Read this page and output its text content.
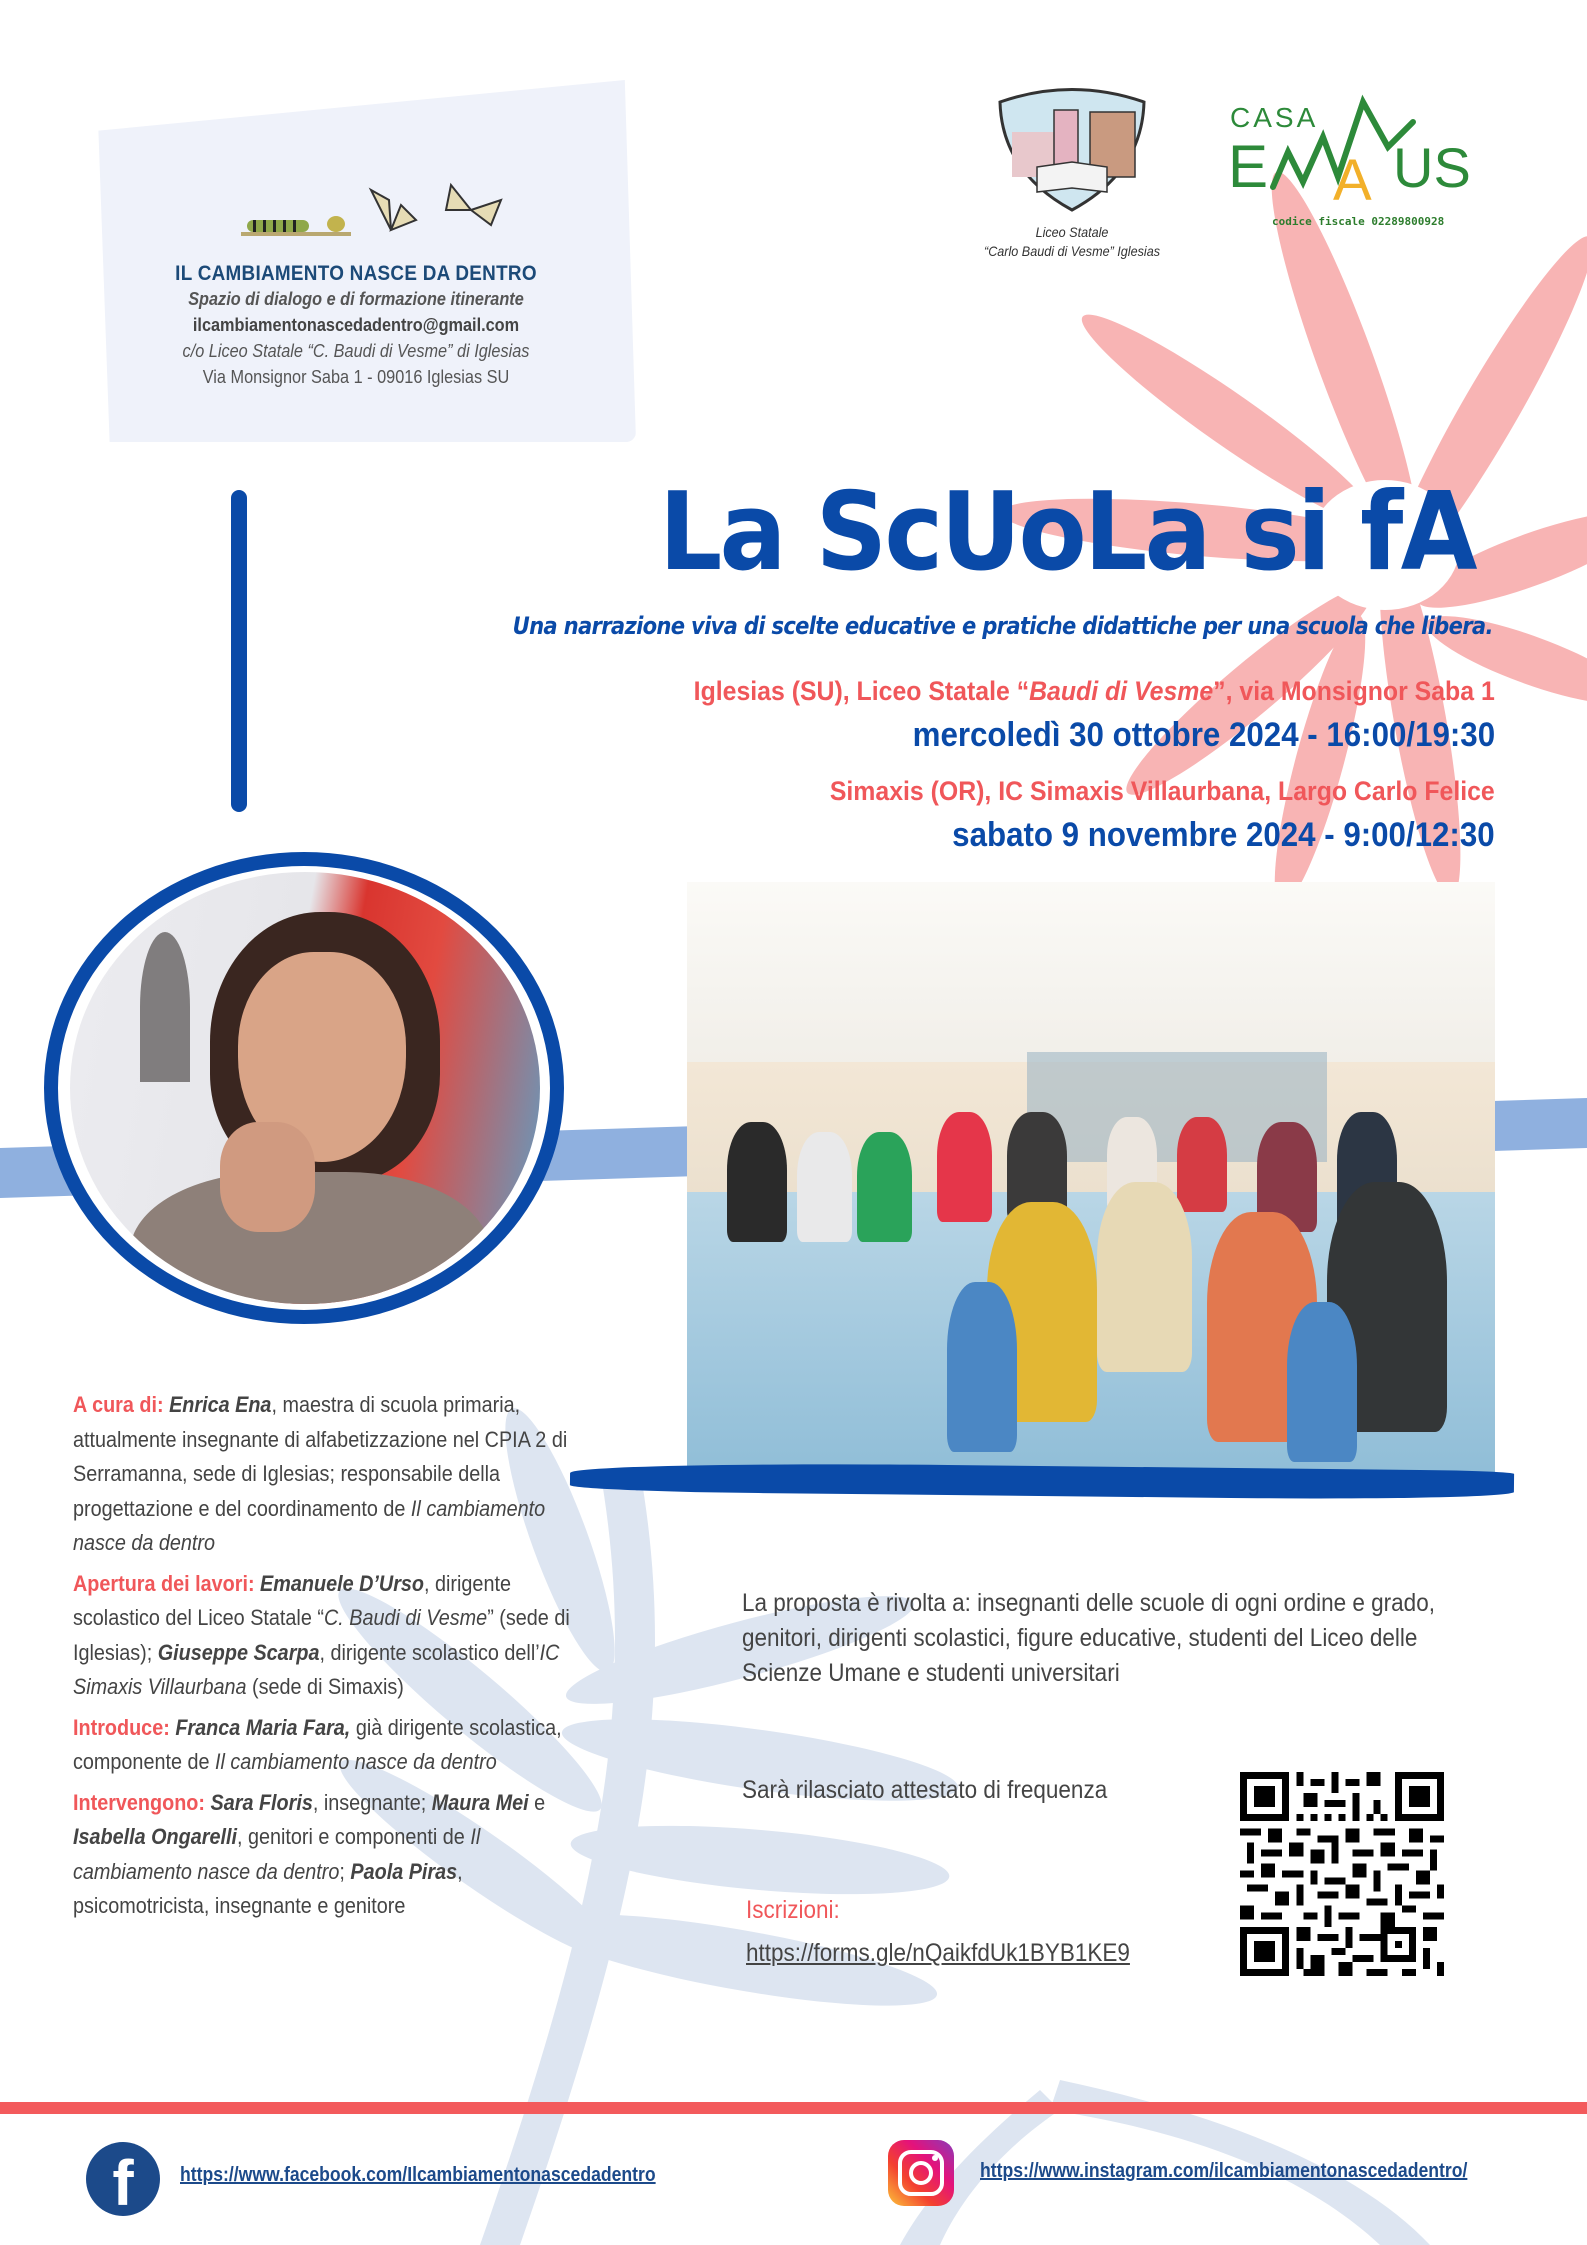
IL CAMBIAMENTO NASCE DA DENTRO
Spazio di dialogo e di formazione itinerante
ilcambiamentonascedadentro@gmail.com
c/o Liceo Statale “C. Baudi di Vesme” di Iglesias
Via Monsignor Saba 1 - 09016 Iglesias SU
Liceo Statale
“Carlo Baudi di Vesme” Iglesias
CASA
E A US
codice fiscale 02289800928
La ScUoLa si fA
Una narrazione viva di scelte educative e pratiche didattiche per una scuola che libera.
Iglesias (SU), Liceo Statale “Baudi di Vesme”, via Monsignor Saba 1
mercoledì 30 ottobre 2024 - 16:00/19:30
Simaxis (OR), IC Simaxis Villaurbana, Largo Carlo Felice
sabato 9 novembre 2024 - 9:00/12:30

A cura di: Enrica Ena, maestra di scuola primaria, attualmente insegnante di alfabetizzazione nel CPIA 2 di Serramanna, sede di Iglesias; responsabile della progettazione e del coordinamento de Il cambiamento nasce da dentro

Apertura dei lavori: Emanuele D’Urso, dirigente scolastico del Liceo Statale “C. Baudi di Vesme” (sede di Iglesias); Giuseppe Scarpa, dirigente scolastico dell’IC Simaxis Villaurbana (sede di Simaxis)

Introduce: Franca Maria Fara, già dirigente scolastica, componente de Il cambiamento nasce da dentro

Intervengono: Sara Floris, insegnante; Maura Mei e Isabella Ongarelli, genitori e componenti de Il cambiamento nasce da dentro; Paola Piras, psicomotricista, insegnante e genitore

La proposta è rivolta a: insegnanti delle scuole di ogni ordine e grado, genitori, dirigenti scolastici, figure educative, studenti del Liceo delle Scienze Umane e studenti universitari
Sarà rilasciato attestato di frequenza
Iscrizioni:
https://forms.gle/nQaikfdUk1BYB1KE9
f https://www.facebook.com/Ilcambiamentonascedadentro	https://www.instagram.com/ilcambiamentonascedadentro/
